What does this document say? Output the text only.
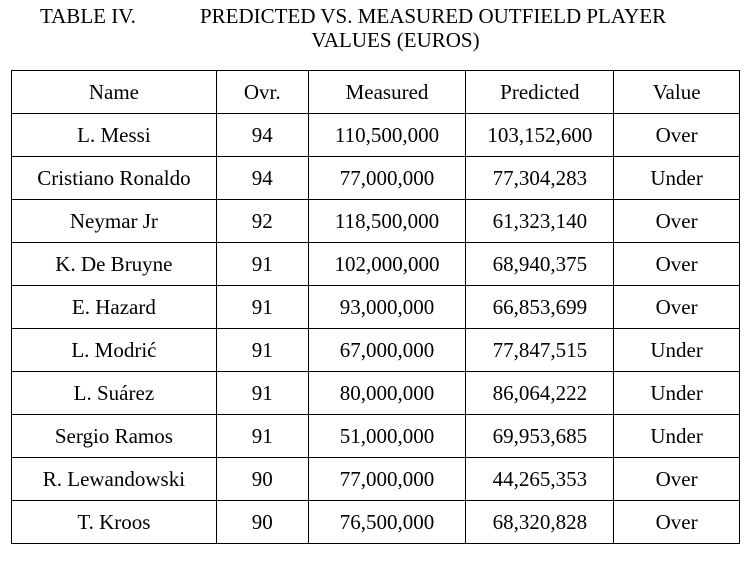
TABLE IV.	PREDICTED VS. MEASURED OUTFIELD PLAYER
VALUES (EUROS)
Name	Ovr.	Measured	Predicted	Value
L. Messi	94	110,500,000	103,152,600	Over
Cristiano Ronaldo	94	77,000,000	77,304,283	Under
Neymar Jr	92	118,500,000	61,323,140	Over
K. De Bruyne	91	102,000,000	68,940,375	Over
E. Hazard	91	93,000,000	66,853,699	Over
L. Modrić	91	67,000,000	77,847,515	Under
L. Suárez	91	80,000,000	86,064,222	Under
Sergio Ramos	91	51,000,000	69,953,685	Under
R. Lewandowski	90	77,000,000	44,265,353	Over
T. Kroos	90	76,500,000	68,320,828	Over
